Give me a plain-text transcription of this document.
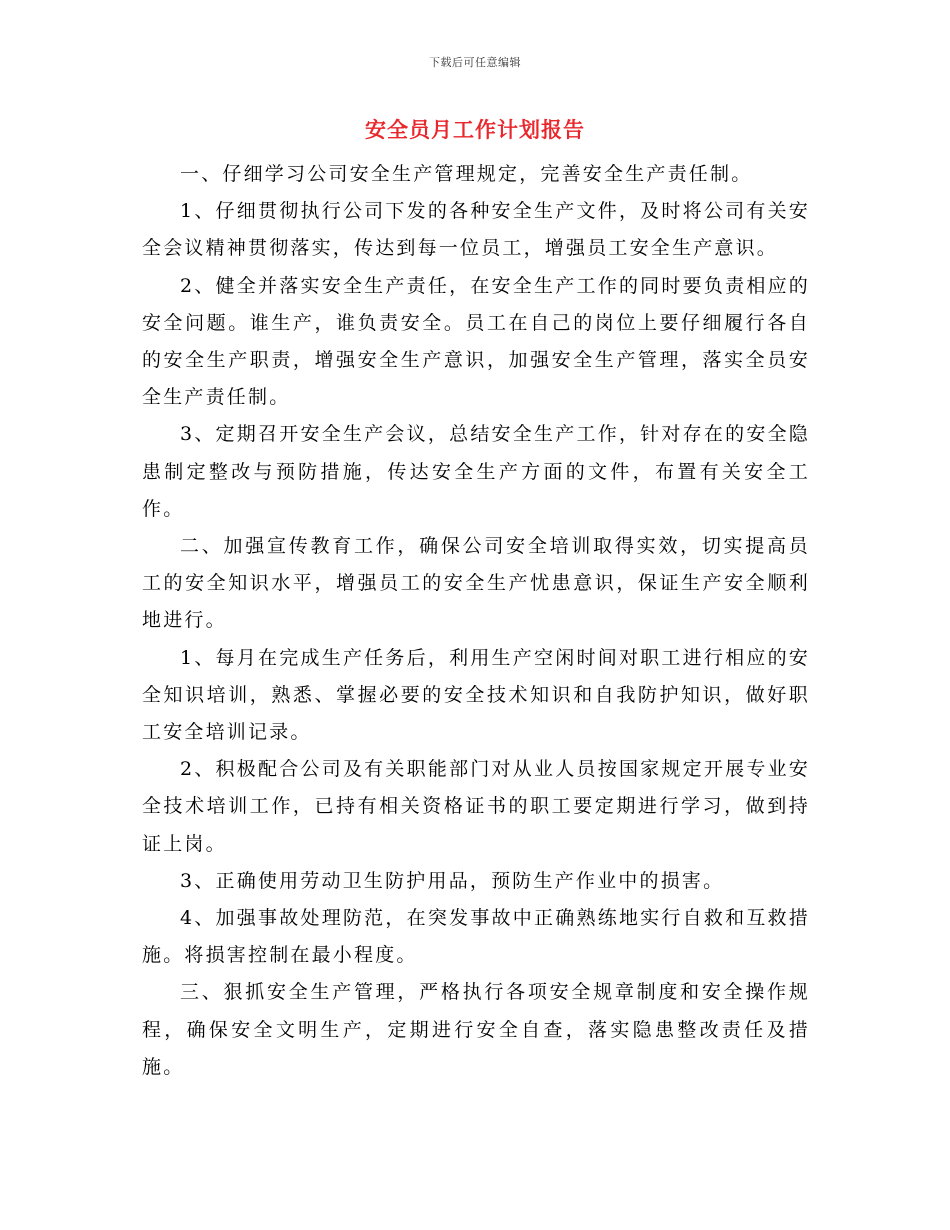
下载后可任意编辑
安全员月工作计划报告

一、仔细学习公司安全生产管理规定，完善安全生产责任制。

1、仔细贯彻执行公司下发的各种安全生产文件，及时将公司有关安全会议精神贯彻落实，传达到每一位员工，增强员工安全生产意识。

2、健全并落实安全生产责任，在安全生产工作的同时要负责相应的安全问题。谁生产，谁负责安全。员工在自己的岗位上要仔细履行各自的安全生产职责，增强安全生产意识，加强安全生产管理，落实全员安全生产责任制。

3、定期召开安全生产会议，总结安全生产工作，针对存在的安全隐患制定整改与预防措施，传达安全生产方面的文件，布置有关安全工作。

二、加强宣传教育工作，确保公司安全培训取得实效，切实提高员工的安全知识水平，增强员工的安全生产忧患意识，保证生产安全顺利地进行。

1、每月在完成生产任务后，利用生产空闲时间对职工进行相应的安全知识培训，熟悉、掌握必要的安全技术知识和自我防护知识，做好职工安全培训记录。

2、积极配合公司及有关职能部门对从业人员按国家规定开展专业安全技术培训工作，已持有相关资格证书的职工要定期进行学习，做到持证上岗。

3、正确使用劳动卫生防护用品，预防生产作业中的损害。

4、加强事故处理防范，在突发事故中正确熟练地实行自救和互救措施。将损害控制在最小程度。

三、狠抓安全生产管理，严格执行各项安全规章制度和安全操作规程，确保安全文明生产，定期进行安全自查，落实隐患整改责任及措施。
